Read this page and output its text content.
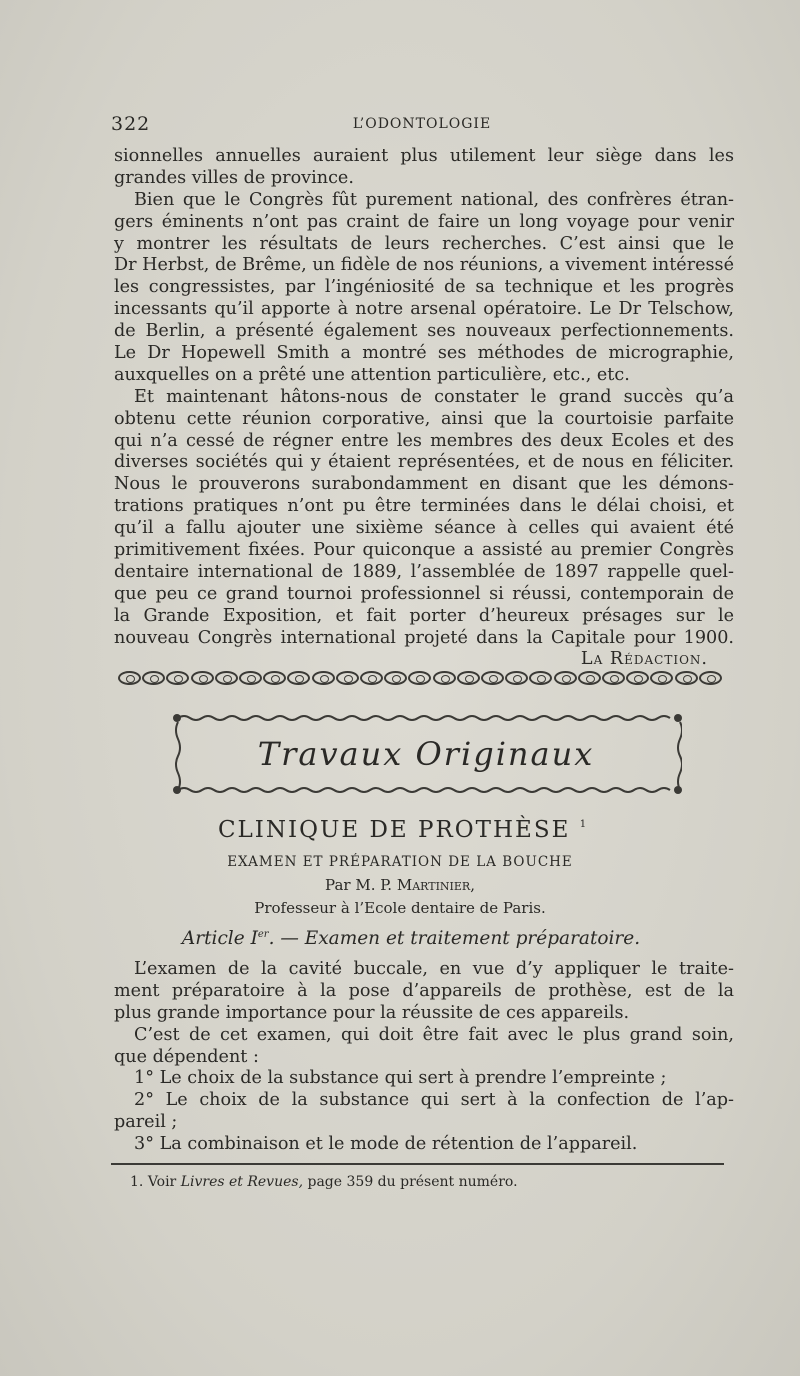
322	L’ODONTOLOGIE
sionnelles annuelles auraient plus utilement leur siège dans les
grandes villes de province.
Bien que le Congrès fût purement national, des confrères étran-
gers éminents n’ont pas craint de faire un long voyage pour venir
y montrer les résultats de leurs recherches. C’est ainsi que le
Dr Herbst, de Brême, un fidèle de nos réunions, a vivement intéressé
les congressistes, par l’ingéniosité de sa technique et les progrès
incessants qu’il apporte à notre arsenal opératoire. Le Dr Telschow,
de Berlin, a présenté également ses nouveaux perfectionnements.
Le Dr Hopewell Smith a montré ses méthodes de micrographie,
auxquelles on a prêté une attention particulière, etc., etc.
Et maintenant hâtons-nous de constater le grand succès qu’a
obtenu cette réunion corporative, ainsi que la courtoisie parfaite
qui n’a cessé de régner entre les membres des deux Ecoles et des
diverses sociétés qui y étaient représentées, et de nous en féliciter.
Nous le prouverons surabondamment en disant que les démons-
trations pratiques n’ont pu être terminées dans le délai choisi, et
qu’il a fallu ajouter une sixième séance à celles qui avaient été
primitivement fixées. Pour quiconque a assisté au premier Congrès
dentaire international de 1889, l’assemblée de 1897 rappelle quel-
que peu ce grand tournoi professionnel si réussi, contemporain de
la Grande Exposition, et fait porter d’heureux présages sur le
nouveau Congrès international projeté dans la Capitale pour 1900.
La Rédaction.
Travaux Originaux
CLINIQUE DE PROTHÈSE $^1$
EXAMEN ET PRÉPARATION DE LA BOUCHE
Par M. P. Martinier,
Professeur à l’Ecole dentaire de Paris.
Article Ier. — Examen et traitement préparatoire.
L’examen de la cavité buccale, en vue d’y appliquer le traite-
ment préparatoire à la pose d’appareils de prothèse, est de la
plus grande importance pour la réussite de ces appareils.
C’est de cet examen, qui doit être fait avec le plus grand soin,
que dépendent :
1° Le choix de la substance qui sert à prendre l’empreinte ;
2° Le choix de la substance qui sert à la confection de l’ap-
pareil ;
3° La combinaison et le mode de rétention de l’appareil.
1. Voir Livres et Revues, page 359 du présent numéro.
